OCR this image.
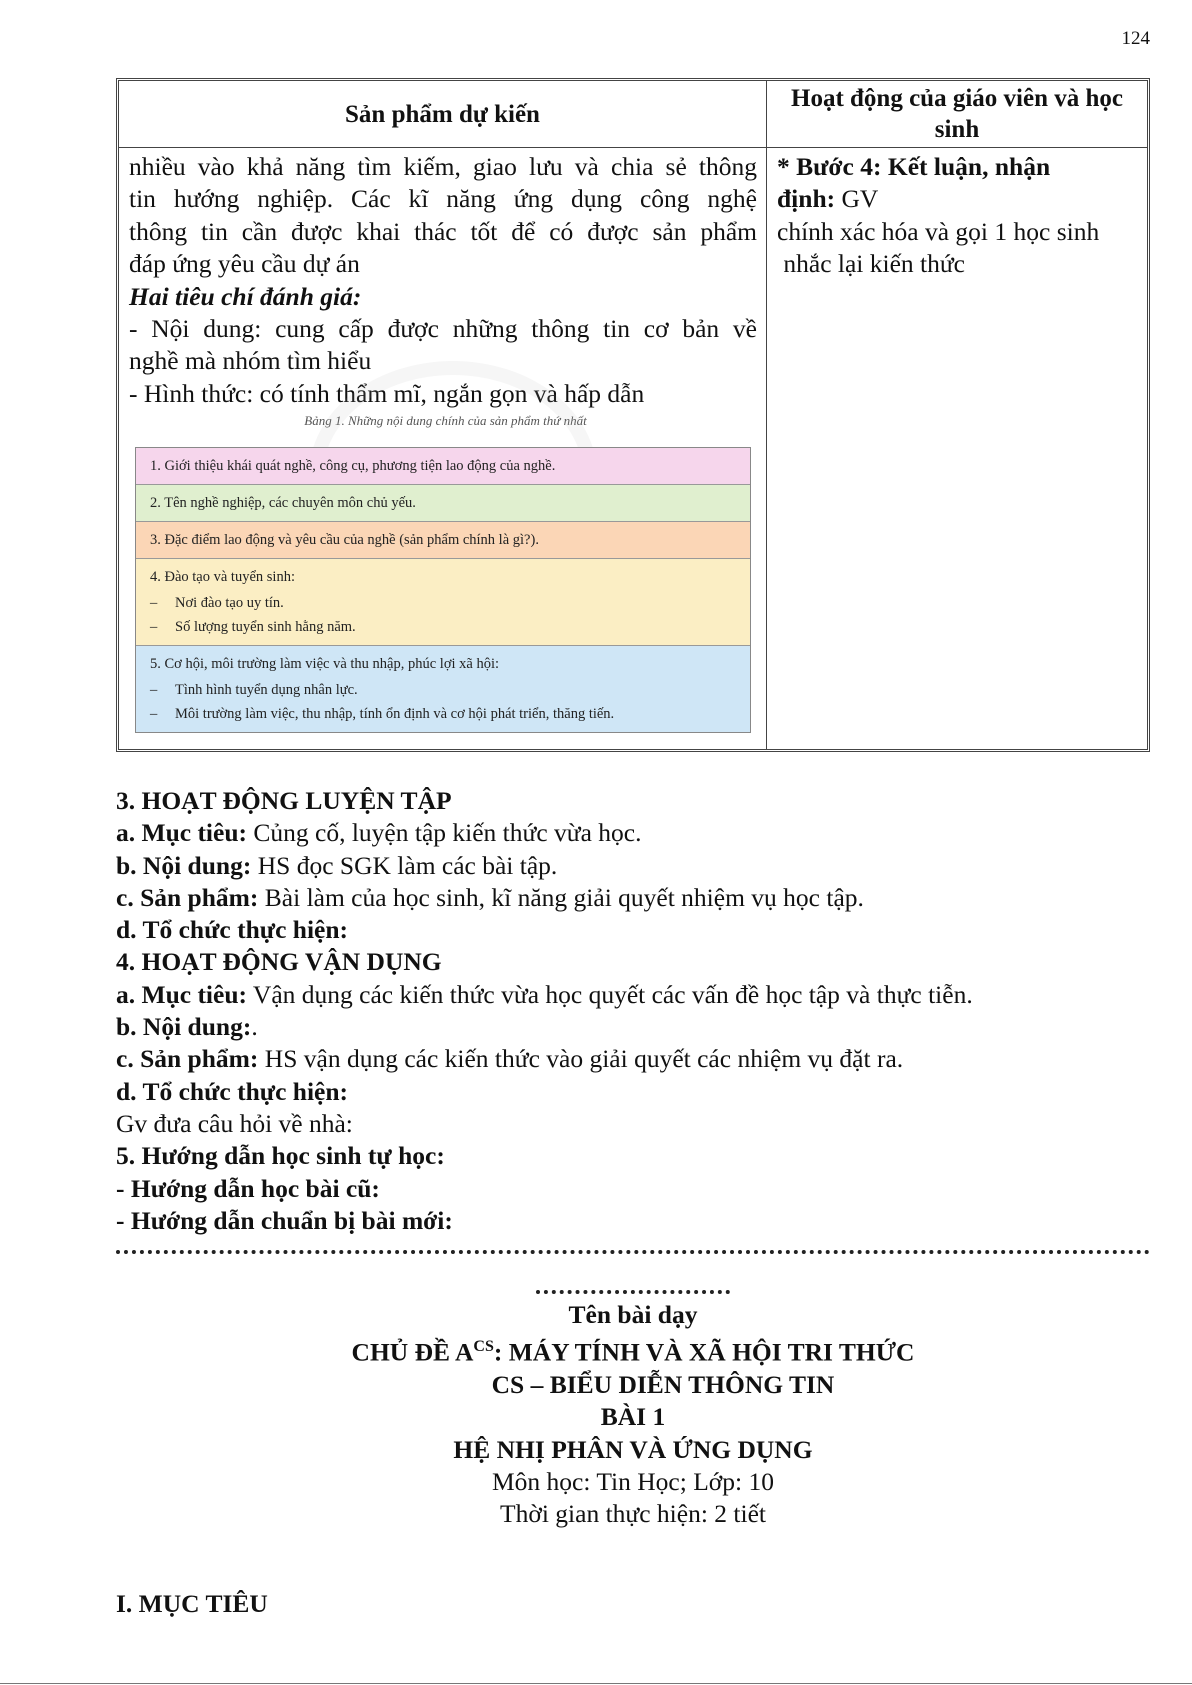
124
Sản phẩm dự kiến
Hoạt động của giáo viên và học sinh

nhiều vào khả năng tìm kiếm, giao lưu và chia sẻ thông

tin hướng nghiệp. Các kĩ năng ứng dụng công nghệ

thông tin cần được khai thác tốt để có được sản phẩm

đáp ứng yêu cầu dự án

Hai tiêu chí đánh giá:

- Nội dung: cung cấp được những thông tin cơ bản về

nghề mà nhóm tìm hiểu

- Hình thức: có tính thẩm mĩ, ngắn gọn và hấp dẫn

Bảng 1. Những nội dung chính của sản phẩm thứ nhất
1. Giới thiệu khái quát nghề, công cụ, phương tiện lao động của nghề.
2. Tên nghề nghiệp, các chuyên môn chủ yếu.
3. Đặc điểm lao động và yêu cầu của nghề (sản phẩm chính là gì?).
4. Đào tạo và tuyển sinh:
– Nơi đào tạo uy tín.
– Số lượng tuyển sinh hằng năm.
5. Cơ hội, môi trường làm việc và thu nhập, phúc lợi xã hội:
– Tình hình tuyển dụng nhân lực.
– Môi trường làm việc, thu nhập, tính ổn định và cơ hội phát triển, thăng tiến.

* Bước 4: Kết luận, nhận

định: GV

chính xác hóa và gọi 1 học sinh

nhắc lại kiến thức

3. HOẠT ĐỘNG LUYỆN TẬP
a. Mục tiêu: Củng cố, luyện tập kiến thức vừa học.
b. Nội dung: HS đọc SGK làm các bài tập.
c. Sản phẩm: Bài làm của học sinh, kĩ năng giải quyết nhiệm vụ học tập.
d. Tổ chức thực hiện:
4. HOẠT ĐỘNG VẬN DỤNG
a. Mục tiêu: Vận dụng các kiến thức vừa học quyết các vấn đề học tập và thực tiễn.
b. Nội dung:.
c. Sản phẩm: HS vận dụng các kiến thức vào giải quyết các nhiệm vụ đặt ra.
d. Tổ chức thực hiện:
Gv đưa câu hỏi về nhà:
5. Hướng dẫn học sinh tự học:
- Hướng dẫn học bài cũ:
- Hướng dẫn chuẩn bị bài mới:
Tên bài dạy
CHỦ ĐỀ $A^{CS}$: MÁY TÍNH VÀ XÃ HỘI TRI THỨC
CS – BIỂU DIỄN THÔNG TIN
BÀI 1
HỆ NHỊ PHÂN VÀ ỨNG DỤNG
Môn học: Tin Học; Lớp: 10
Thời gian thực hiện: 2 tiết
I. MỤC TIÊU
